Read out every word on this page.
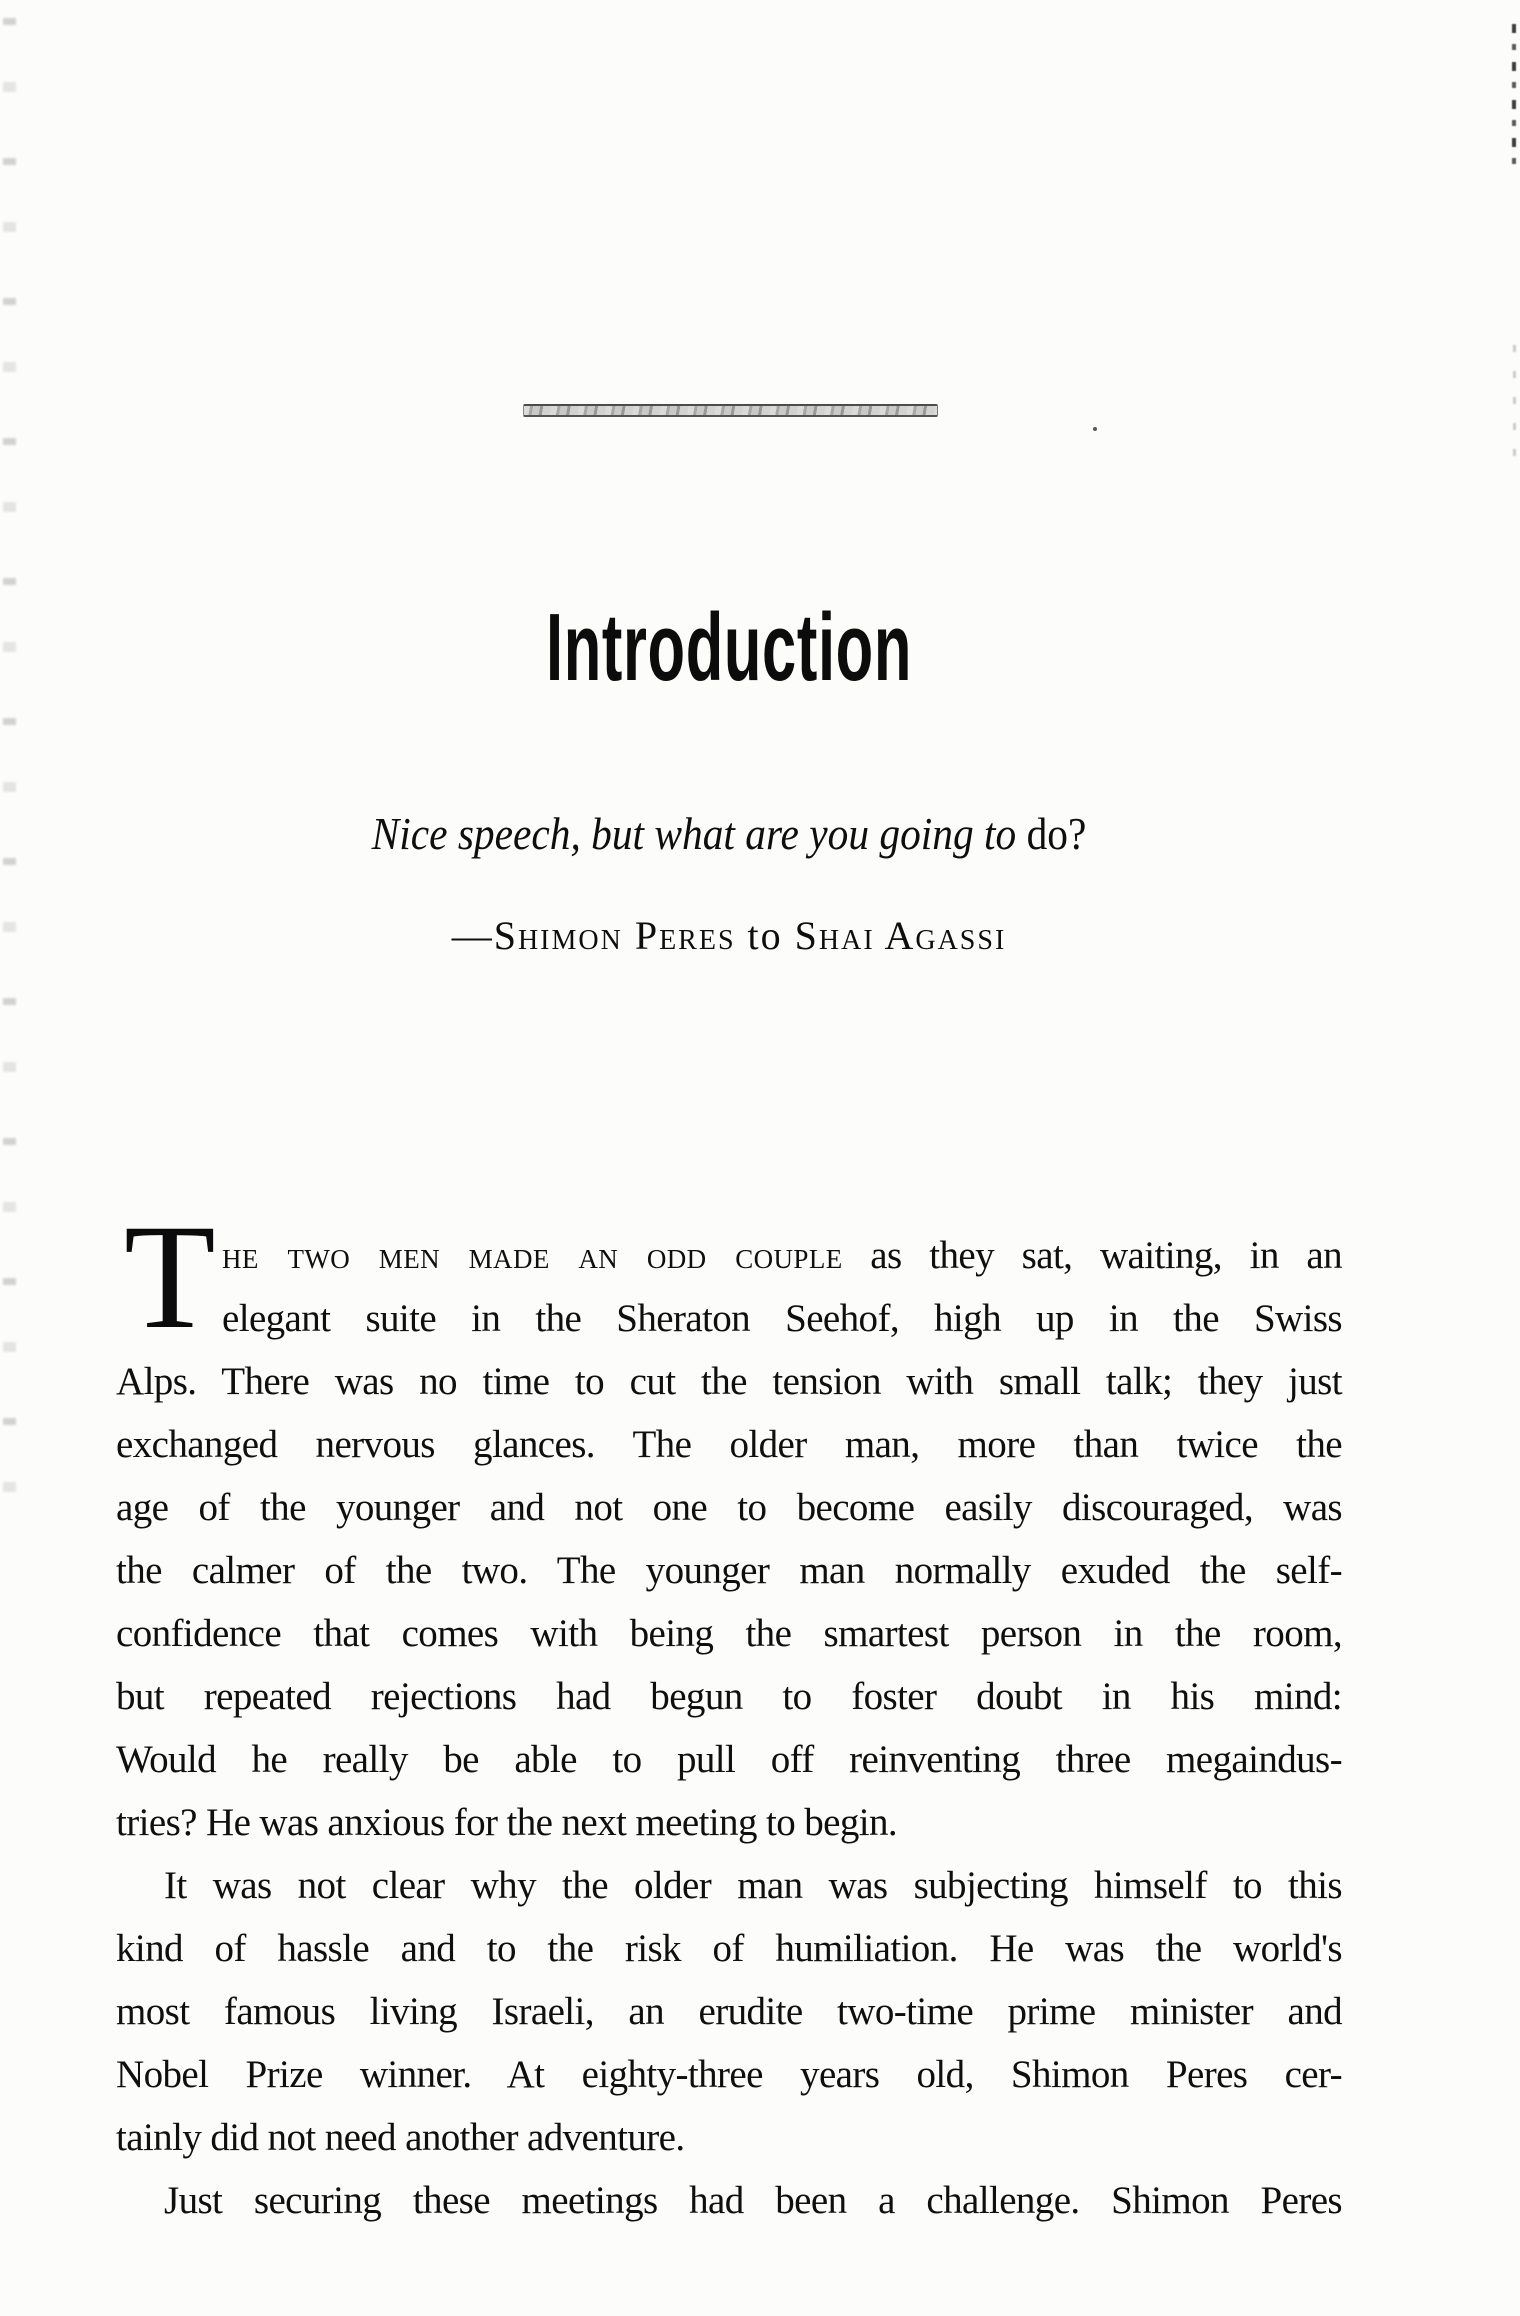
Introduction
Nice speech, but what are you going to do?
—Shimon Peres to Shai Agassi
T he two men made an odd couple as they sat, waiting, in an
elegant suite in the Sheraton Seehof, high up in the Swiss
Alps. There was no time to cut the tension with small talk; they just
exchanged nervous glances. The older man, more than twice the
age of the younger and not one to become easily discouraged, was
the calmer of the two. The younger man normally exuded the self-
confidence that comes with being the smartest person in the room,
but repeated rejections had begun to foster doubt in his mind:
Would he really be able to pull off reinventing three megaindus-
tries? He was anxious for the next meeting to begin.
It was not clear why the older man was subjecting himself to this
kind of hassle and to the risk of humiliation. He was the world's
most famous living Israeli, an erudite two-time prime minister and
Nobel Prize winner. At eighty-three years old, Shimon Peres cer-
tainly did not need another adventure.
Just securing these meetings had been a challenge. Shimon Peres
